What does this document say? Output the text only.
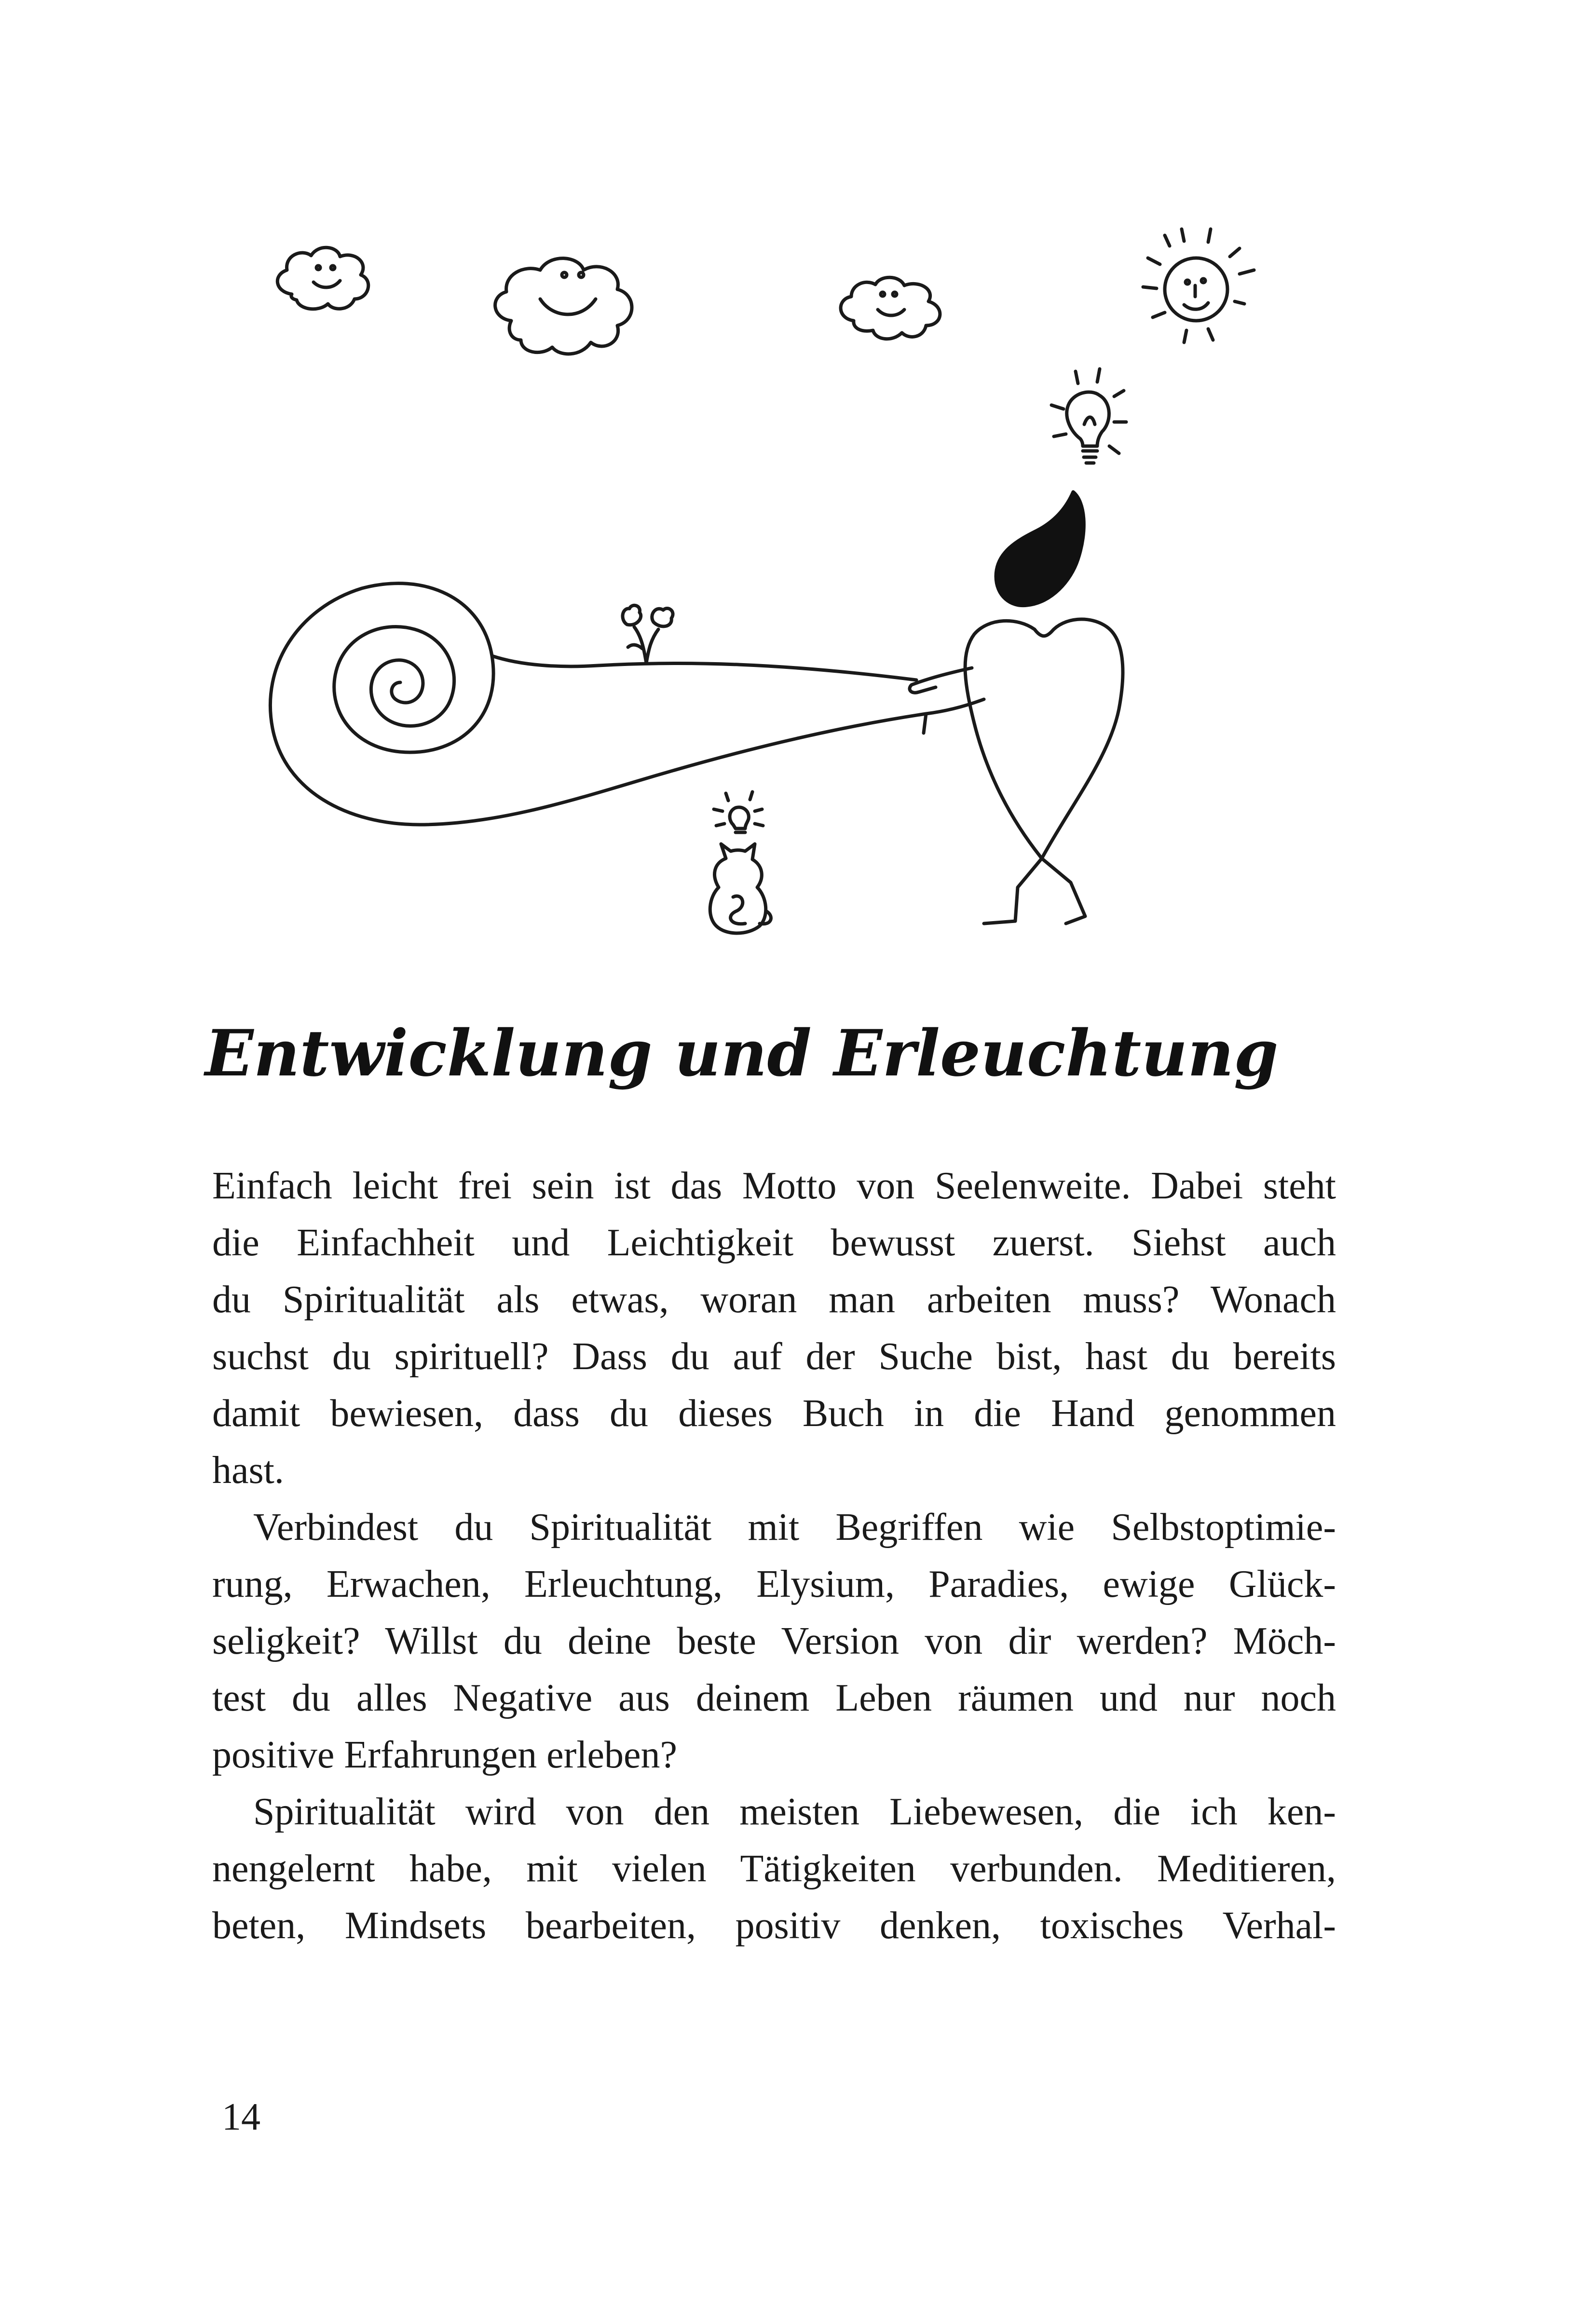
Entwicklung und Erleuchtung

Einfach leicht frei sein ist das Motto von Seelenweite. Dabei steht
die Einfachheit und Leichtigkeit bewusst zuerst. Siehst auch
du Spiritualität als etwas, woran man arbeiten muss? Wonach
suchst du spirituell? Dass du auf der Suche bist, hast du bereits
damit bewiesen, dass du dieses Buch in die Hand genommen
hast.

Verbindest du Spiritualität mit Begriffen wie Selbstoptimie-
rung, Erwachen, Erleuchtung, Elysium, Paradies, ewige Glück-
seligkeit? Willst du deine beste Version von dir werden? Möch-
test du alles Negative aus deinem Leben räumen und nur noch
positive Erfahrungen erleben?

Spiritualität wird von den meisten Liebewesen, die ich ken-
nengelernt habe, mit vielen Tätigkeiten verbunden. Meditieren,
beten, Mindsets bearbeiten, positiv denken, toxisches Verhal-

14
